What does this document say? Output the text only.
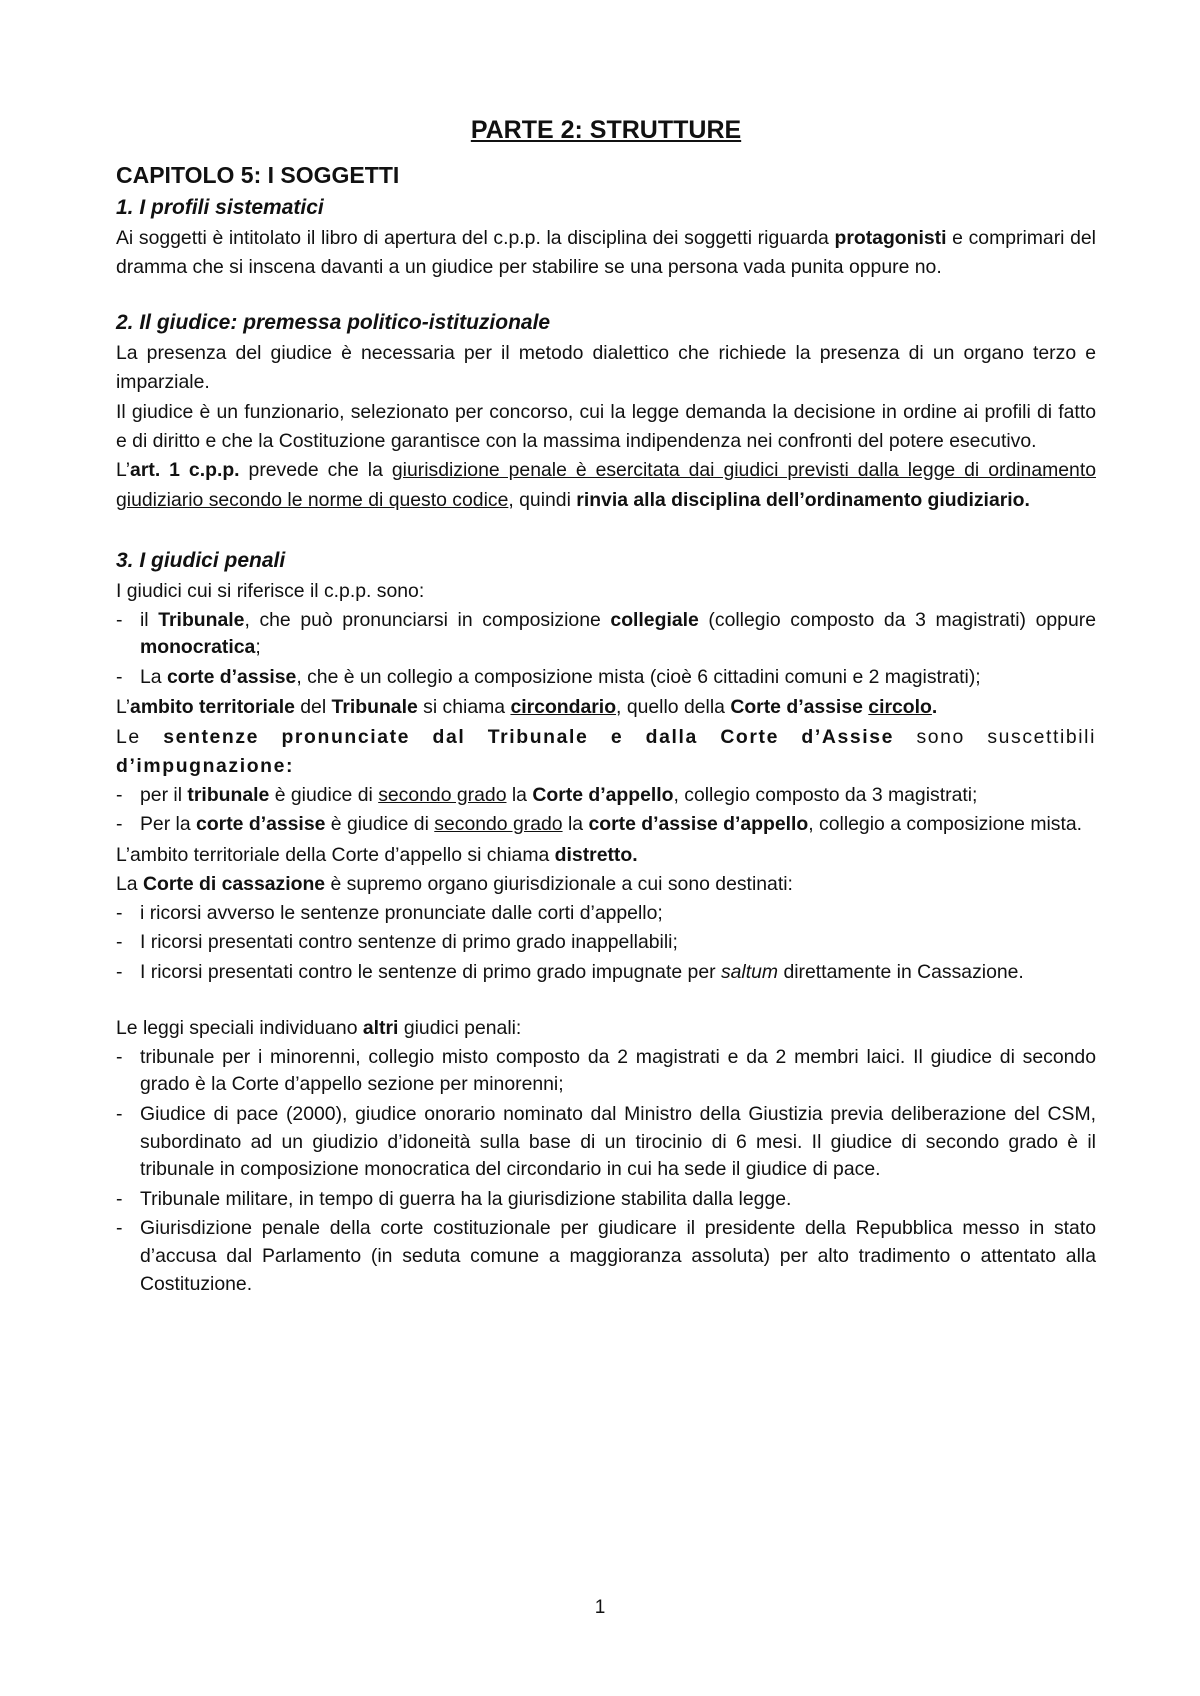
PARTE 2: STRUTTURE
CAPITOLO 5: I SOGGETTI
1. I profili sistematici

Ai soggetti è intitolato il libro di apertura del c.p.p. la disciplina dei soggetti riguarda protagonisti e comprimari del dramma che si inscena davanti a un giudice per stabilire se una persona vada punita oppure no.

2. Il giudice: premessa politico-istituzionale

La presenza del giudice è necessaria per il metodo dialettico che richiede la presenza di un organo terzo e imparziale.

Il giudice è un funzionario, selezionato per concorso, cui la legge demanda la decisione in ordine ai profili di fatto e di diritto e che la Costituzione garantisce con la massima indipendenza nei confronti del potere esecutivo.

L’art. 1 c.p.p. prevede che la giurisdizione penale è esercitata dai giudici previsti dalla legge di ordinamento giudiziario secondo le norme di questo codice, quindi rinvia alla disciplina dell’ordinamento giudiziario.

3. I giudici penali

I giudici cui si riferisce il c.p.p. sono:

- il Tribunale, che può pronunciarsi in composizione collegiale (collegio composto da 3 magistrati) oppure monocratica;
- La corte d’assise, che è un collegio a composizione mista (cioè 6 cittadini comuni e 2 magistrati);

L’ambito territoriale del Tribunale si chiama circondario, quello della Corte d’assise circolo.

Le sentenze pronunciate dal Tribunale e dalla Corte d’Assise sono suscettibili d’impugnazione:

- per il tribunale è giudice di secondo grado la Corte d’appello, collegio composto da 3 magistrati;
- Per la corte d’assise è giudice di secondo grado la corte d’assise d’appello, collegio a composizione mista.

L’ambito territoriale della Corte d’appello si chiama distretto.

La Corte di cassazione è supremo organo giurisdizionale a cui sono destinati:

- i ricorsi avverso le sentenze pronunciate dalle corti d’appello;
- I ricorsi presentati contro sentenze di primo grado inappellabili;
- I ricorsi presentati contro le sentenze di primo grado impugnate per saltum direttamente in Cassazione.

Le leggi speciali individuano altri giudici penali:

- tribunale per i minorenni, collegio misto composto da 2 magistrati e da 2 membri laici. Il giudice di secondo grado è la Corte d’appello sezione per minorenni;
- Giudice di pace (2000), giudice onorario nominato dal Ministro della Giustizia previa deliberazione del CSM, subordinato ad un giudizio d’idoneità sulla base di un tirocinio di 6 mesi. Il giudice di secondo grado è il tribunale in composizione monocratica del circondario in cui ha sede il giudice di pace.
- Tribunale militare, in tempo di guerra ha la giurisdizione stabilita dalla legge.
- Giurisdizione penale della corte costituzionale per giudicare il presidente della Repubblica messo in stato d’accusa dal Parlamento (in seduta comune a maggioranza assoluta) per alto tradimento o attentato alla Costituzione.
1
